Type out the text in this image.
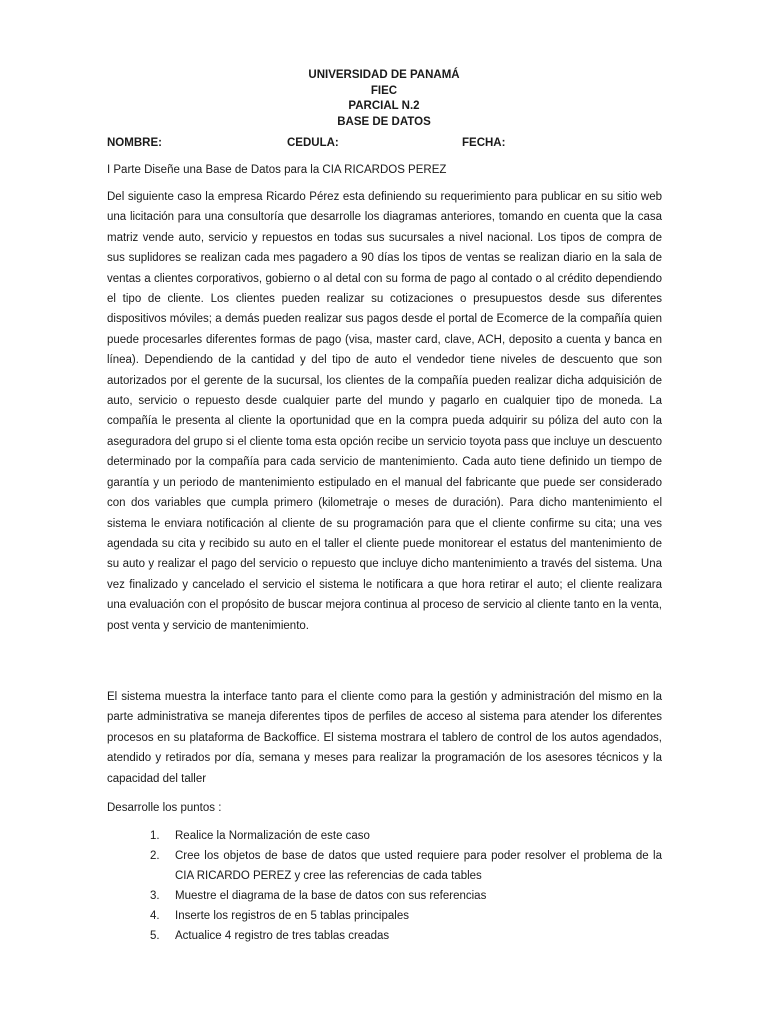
UNIVERSIDAD DE PANAMÁ
FIEC
PARCIAL N.2
BASE DE DATOS
NOMBRE:	CEDULA:	FECHA:
I Parte Diseñe una Base de Datos para la CIA RICARDOS PEREZ
Del siguiente caso la empresa Ricardo Pérez esta definiendo su requerimiento para publicar en su sitio web una licitación para una consultoría que desarrolle los diagramas anteriores, tomando en cuenta que la casa matriz vende auto, servicio y repuestos en todas sus sucursales a nivel nacional. Los tipos de compra de sus suplidores se realizan cada mes pagadero a 90 días los tipos de ventas se realizan diario en la sala de ventas a clientes corporativos, gobierno o al detal con su forma de pago al contado o al crédito dependiendo el tipo de cliente. Los clientes pueden realizar su cotizaciones o presupuestos desde sus diferentes dispositivos móviles; a demás pueden realizar sus pagos desde el portal de Ecomerce de la compañía quien puede procesarles diferentes formas de pago (visa, master card, clave, ACH, deposito a cuenta y banca en línea). Dependiendo de la cantidad y del tipo de auto el vendedor tiene niveles de descuento que son autorizados por el gerente de la sucursal, los clientes de la compañía pueden realizar dicha adquisición de auto, servicio o repuesto desde cualquier parte del mundo y pagarlo en cualquier tipo de moneda. La compañía le presenta al cliente la oportunidad que en la compra pueda adquirir su póliza del auto con la aseguradora del grupo si el cliente toma esta opción recibe un servicio toyota pass que incluye un descuento determinado por la compañía para cada servicio de mantenimiento. Cada auto tiene definido un tiempo de garantía y un periodo de mantenimiento estipulado en el manual del fabricante que puede ser considerado con dos variables que cumpla primero (kilometraje o meses de duración). Para dicho mantenimiento el sistema le enviara notificación al cliente de su programación para que el cliente confirme su cita; una ves agendada su cita y recibido su auto en el taller el cliente puede monitorear el estatus del mantenimiento de su auto y realizar el pago del servicio o repuesto que incluye dicho mantenimiento a través del sistema. Una vez finalizado y cancelado el servicio el sistema le notificara a que hora retirar el auto; el cliente realizara una evaluación con el propósito de buscar mejora continua al proceso de servicio al cliente tanto en la venta, post venta y servicio de mantenimiento.
El sistema muestra la interface tanto para el cliente como para la gestión y administración del mismo en la parte administrativa se maneja diferentes tipos de perfiles de acceso al sistema para atender los diferentes procesos en su plataforma de Backoffice. El sistema mostrara el tablero de control de los autos agendados, atendido y retirados por día, semana y meses para realizar la programación de los asesores técnicos y la capacidad del taller
Desarrolle los puntos :
1. Realice la Normalización de este caso
2. Cree los objetos de base de datos que usted requiere para poder resolver el problema de la CIA RICARDO PEREZ y cree las referencias de cada tables
3. Muestre el diagrama de la base de datos con sus referencias
4. Inserte los registros de en 5 tablas principales
5. Actualice 4 registro de tres tablas creadas
